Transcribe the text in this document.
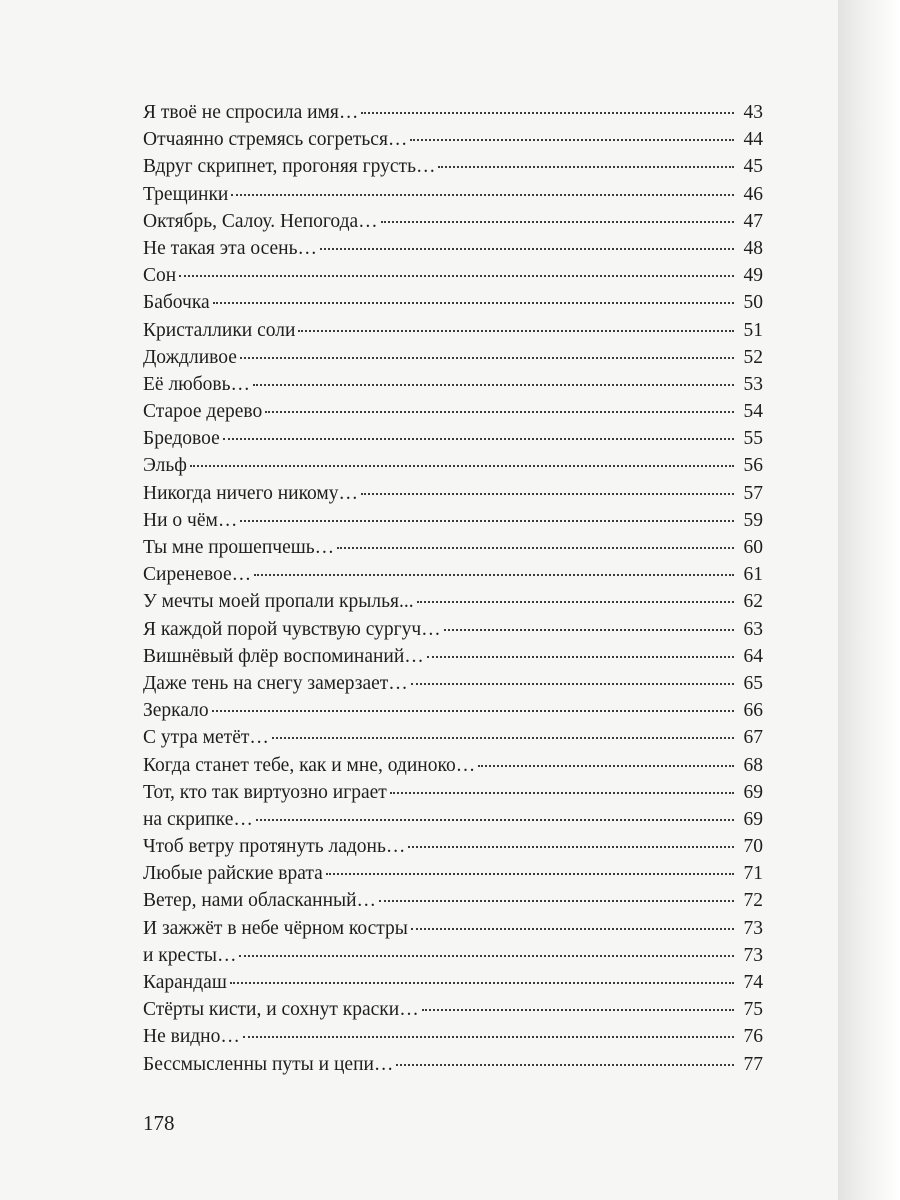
Я твоё не спросила имя…	43
Отчаянно стремясь согреться…	44
Вдруг скрипнет, прогоняя грусть…	45
Трещинки	46
Октябрь, Салоу. Непогода…	47
Не такая эта осень…	48
Сон	49
Бабочка	50
Кристаллики соли	51
Дождливое	52
Её любовь…	53
Старое дерево	54
Бредовое	55
Эльф	56
Никогда ничего никому…	57
Ни о чём…	59
Ты мне прошепчешь…	60
Сиреневое…	61
У мечты моей пропали крылья...	62
Я каждой порой чувствую сургуч…	63
Вишнёвый флёр воспоминаний…	64
Даже тень на снегу замерзает…	65
Зеркало	66
С утра метёт…	67
Когда станет тебе, как и мне, одиноко…	68
Тот, кто так виртуозно играет	69
на скрипке…	69
Чтоб ветру протянуть ладонь…	70
Любые райские врата	71
Ветер, нами обласканный…	72
И зажжёт в небе чёрном костры	73
и кресты…	73
Карандаш	74
Стёрты кисти, и сохнут краски…	75
Не видно…	76
Бессмысленны путы и цепи…	77
178
